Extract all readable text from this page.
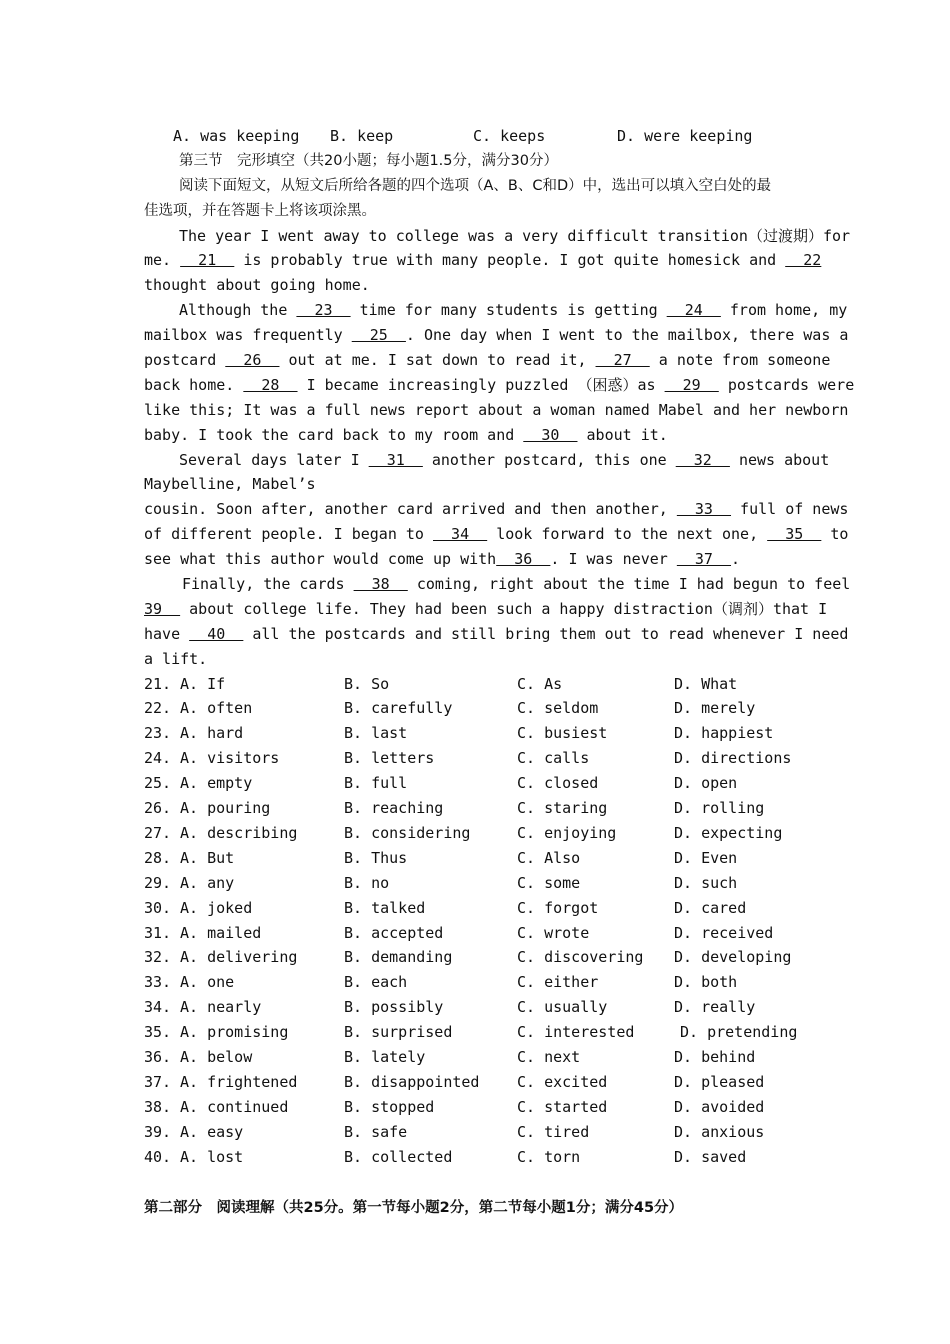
A. was keeping B. keep	C. keeps	D. were keeping
第三节　完形填空（共20小题；每小题1.5分，满分30分）
阅读下面短文，从短文后所给各题的四个选项（A、B、C和D）中，选出可以填入空白处的最
佳选项，并在答题卡上将该项涂黑。
The year I went away to college was a very difficult transition（过渡期）for
me.   21   is probably true with many people. I got quite homesick and   22
thought about going home.
Although the   23   time for many students is getting   24   from home, my
mailbox was frequently   25  . One day when I went to the mailbox, there was a
postcard   26   out at me. I sat down to read it,   27   a note from someone
back home.   28   I became increasingly puzzled （困惑）as   29   postcards were
like this; It was a full news report about a woman named Mabel and her newborn
baby. I took the card back to my room and   30   about it.
Several days later I   31   another postcard, this one   32   news about
Maybelline, Mabel’s
cousin. Soon after, another card arrived and then another,   33   full of news
of different people. I began to   34   look forward to the next one,   35   to
see what this author would come up with  36  . I was never   37  .
Finally, the cards   38   coming, right about the time I had begun to feel
39   about college life. They had been such a happy distraction（调剂）that I
have   40   all the postcards and still bring them out to read whenever I need
a lift.
21. A. If	B. So	C. As	D. What
22. A. often	B. carefully	C. seldom	D. merely
23. A. hard	B. last	C. busiest	D. happiest
24. A. visitors	B. letters	C. calls	D. directions
25. A. empty	B. full	C. closed	D. open
26. A. pouring	B. reaching	C. staring	D. rolling
27. A. describing	B. considering	C. enjoying	D. expecting
28. A. But	B. Thus	C. Also	D. Even
29. A. any	B. no	C. some	D. such
30. A. joked	B. talked	C. forgot	D. cared
31. A. mailed	B. accepted	C. wrote	D. received
32. A. delivering	B. demanding	C. discovering D. developing
33. A. one	B. each	C. either	D. both
34. A. nearly	B. possibly	C. usually	D. really
35. A. promising	B. surprised	C. interested	D. pretending
36. A. below	B. lately	C. next	D. behind
37. A. frightened	B. disappointed	C. excited	D. pleased
38. A. continued	B. stopped	C. started	D. avoided
39. A. easy	B. safe	C. tired	D. anxious
40. A. lost	B. collected	C. torn	D. saved
第二部分　阅读理解（共25分。第一节每小题2分，第二节每小题1分；满分45分）
